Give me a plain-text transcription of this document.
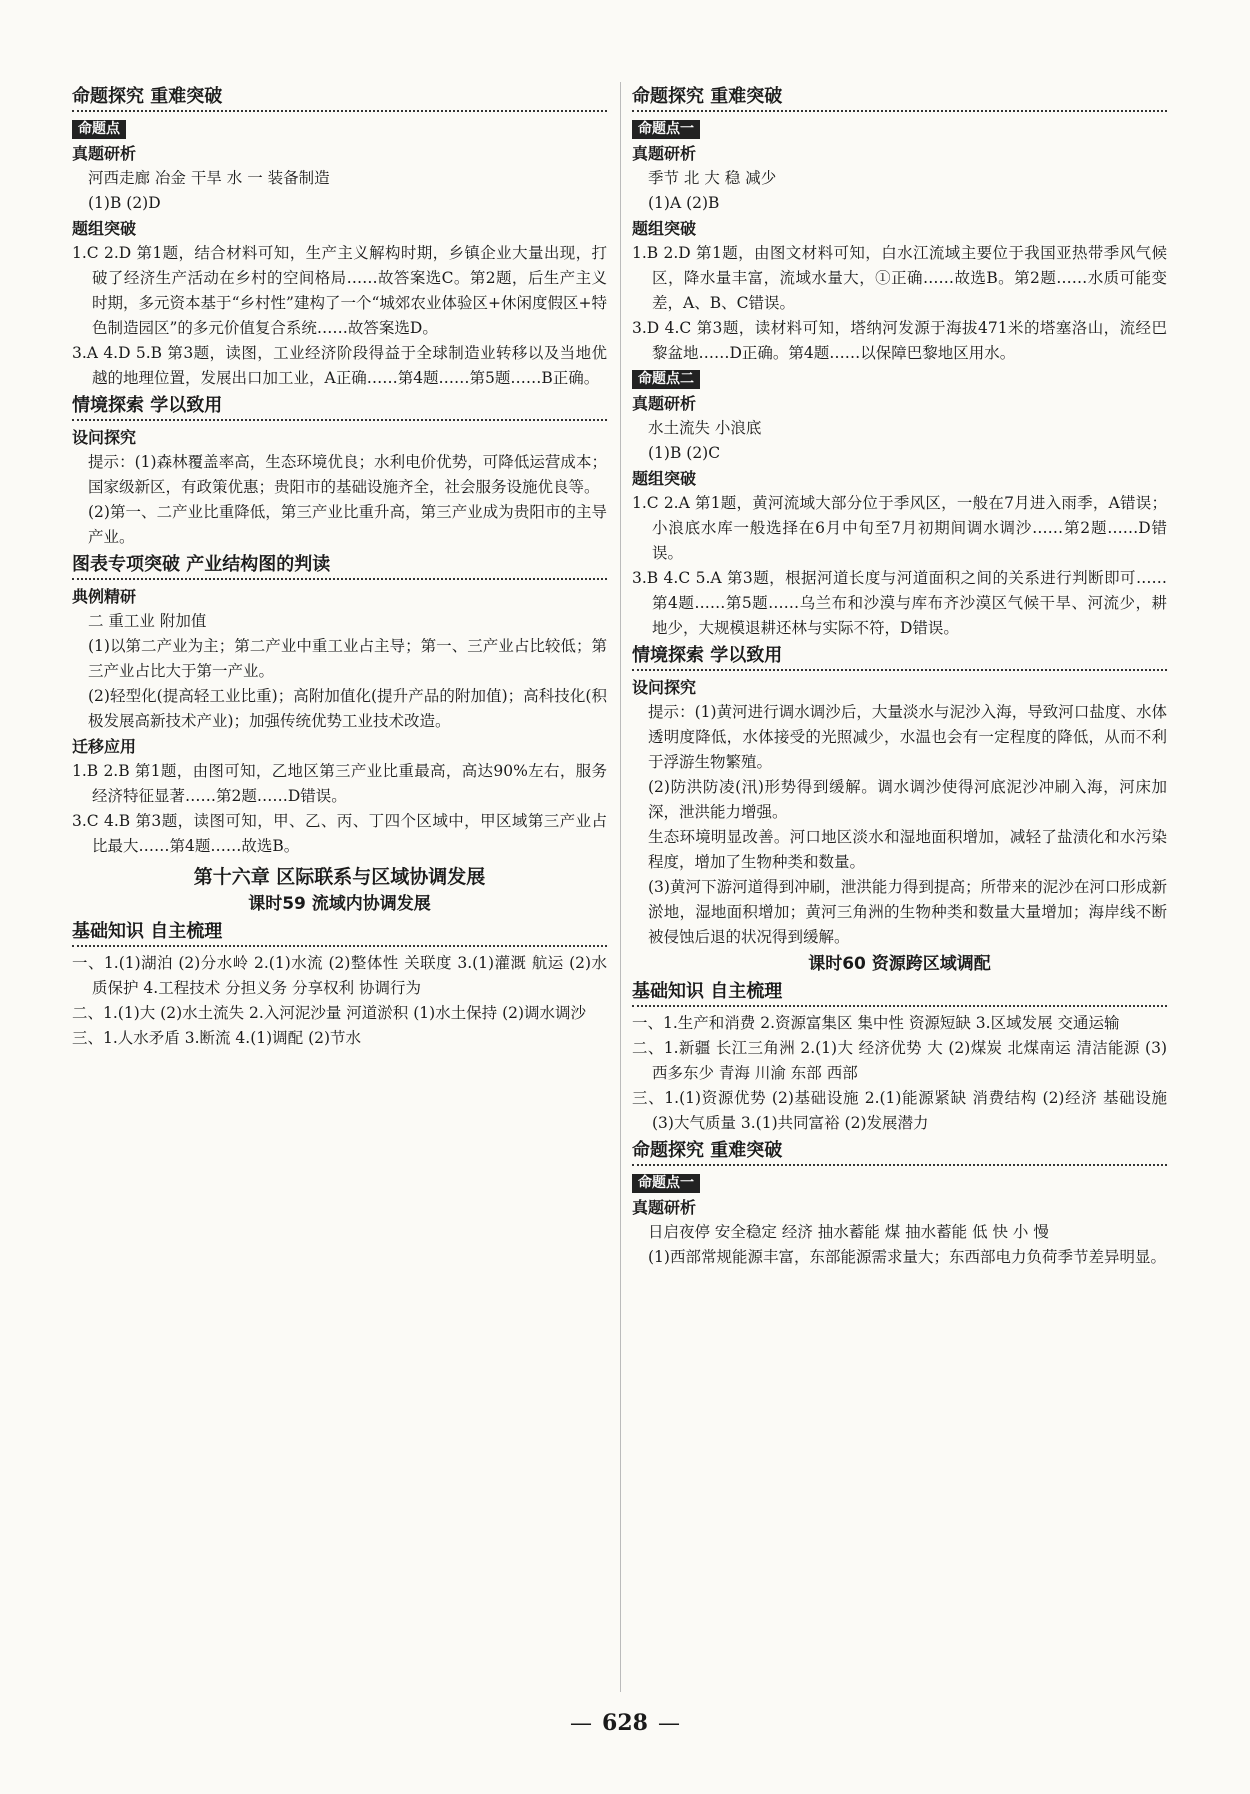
命题探究 重难突破
命题点
真题研析

河西走廊 冶金 干旱 水 一 装备制造

(1)B (2)D

题组突破

1.C 2.D 第1题，结合材料可知，生产主义解构时期，乡镇企业大量出现，打破了经济生产活动在乡村的空间格局……故答案选C。第2题，后生产主义时期，多元资本基于“乡村性”建构了一个“城郊农业体验区+休闲度假区+特色制造园区”的多元价值复合系统……故答案选D。

3.A 4.D 5.B 第3题，读图，工业经济阶段得益于全球制造业转移以及当地优越的地理位置，发展出口加工业，A正确……第4题……第5题……B正确。

情境探索 学以致用
设问探究

提示：(1)森林覆盖率高，生态环境优良；水利电价优势，可降低运营成本；国家级新区，有政策优惠；贵阳市的基础设施齐全，社会服务设施优良等。

(2)第一、二产业比重降低，第三产业比重升高，第三产业成为贵阳市的主导产业。

图表专项突破 产业结构图的判读
典例精研

二 重工业 附加值

(1)以第二产业为主；第二产业中重工业占主导；第一、三产业占比较低；第三产业占比大于第一产业。

(2)轻型化(提高轻工业比重)；高附加值化(提升产品的附加值)；高科技化(积极发展高新技术产业)；加强传统优势工业技术改造。

迁移应用

1.B 2.B 第1题，由图可知，乙地区第三产业比重最高，高达90%左右，服务经济特征显著……第2题……D错误。

3.C 4.B 第3题，读图可知，甲、乙、丙、丁四个区域中，甲区域第三产业占比最大……第4题……故选B。

第十六章 区际联系与区域协调发展
课时59 流域内协调发展
基础知识 自主梳理

一、1.(1)湖泊 (2)分水岭 2.(1)水流 (2)整体性 关联度 3.(1)灌溉 航运 (2)水质保护 4.工程技术 分担义务 分享权利 协调行为

二、1.(1)大 (2)水土流失 2.入河泥沙量 河道淤积 (1)水土保持 (2)调水调沙

三、1.人水矛盾 3.断流 4.(1)调配 (2)节水

命题探究 重难突破
命题点一
真题研析

季节 北 大 稳 减少

(1)A (2)B

题组突破

1.B 2.D 第1题，由图文材料可知，白水江流域主要位于我国亚热带季风气候区，降水量丰富，流域水量大，①正确……故选B。第2题……水质可能变差，A、B、C错误。

3.D 4.C 第3题，读材料可知，塔纳河发源于海拔471米的塔塞洛山，流经巴黎盆地……D正确。第4题……以保障巴黎地区用水。

命题点二
真题研析

水土流失 小浪底

(1)B (2)C

题组突破

1.C 2.A 第1题，黄河流域大部分位于季风区，一般在7月进入雨季，A错误；小浪底水库一般选择在6月中旬至7月初期间调水调沙……第2题……D错误。

3.B 4.C 5.A 第3题，根据河道长度与河道面积之间的关系进行判断即可……第4题……第5题……乌兰布和沙漠与库布齐沙漠区气候干旱、河流少，耕地少，大规模退耕还林与实际不符，D错误。

情境探索 学以致用
设问探究

提示：(1)黄河进行调水调沙后，大量淡水与泥沙入海，导致河口盐度、水体透明度降低，水体接受的光照减少，水温也会有一定程度的降低，从而不利于浮游生物繁殖。

(2)防洪防凌(汛)形势得到缓解。调水调沙使得河底泥沙冲刷入海，河床加深，泄洪能力增强。

生态环境明显改善。河口地区淡水和湿地面积增加，减轻了盐渍化和水污染程度，增加了生物种类和数量。

(3)黄河下游河道得到冲刷，泄洪能力得到提高；所带来的泥沙在河口形成新淤地，湿地面积增加；黄河三角洲的生物种类和数量大量增加；海岸线不断被侵蚀后退的状况得到缓解。

课时60 资源跨区域调配
基础知识 自主梳理

一、1.生产和消费 2.资源富集区 集中性 资源短缺 3.区域发展 交通运输

二、1.新疆 长江三角洲 2.(1)大 经济优势 大 (2)煤炭 北煤南运 清洁能源 (3)西多东少 青海 川渝 东部 西部

三、1.(1)资源优势 (2)基础设施 2.(1)能源紧缺 消费结构 (2)经济 基础设施 (3)大气质量 3.(1)共同富裕 (2)发展潜力

命题探究 重难突破
命题点一
真题研析

日启夜停 安全稳定 经济 抽水蓄能 煤 抽水蓄能 低 快 小 慢

(1)西部常规能源丰富，东部能源需求量大；东西部电力负荷季节差异明显。

— 628 —
